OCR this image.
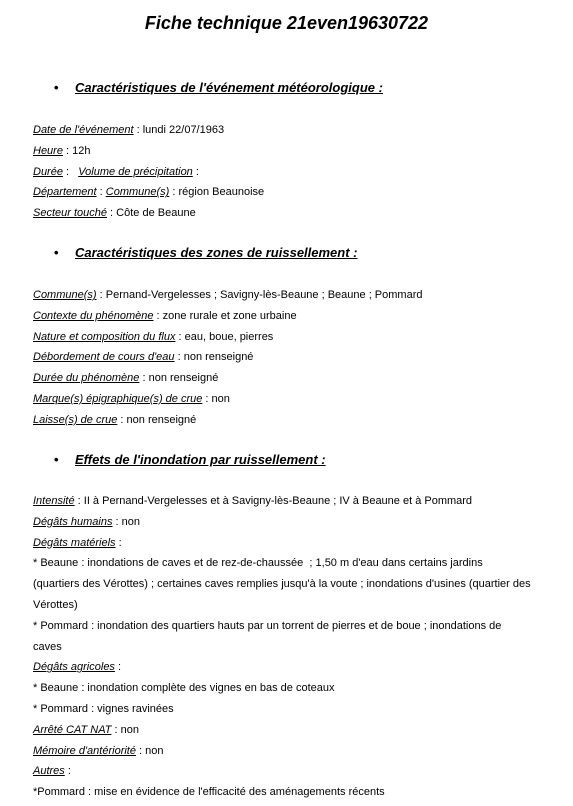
Fiche technique 21even19630722
• Caractéristiques de l'événement météorologique :

Date de l'événement : lundi 22/07/1963

Heure : 12h

Durée :   Volume de précipitation :

Département : Commune(s) : région Beaunoise

Secteur touché : Côte de Beaune

• Caractéristiques des zones de ruissellement :

Commune(s) : Pernand-Vergelesses ; Savigny-lès-Beaune ; Beaune ; Pommard

Contexte du phénomène : zone rurale et zone urbaine

Nature et composition du flux : eau, boue, pierres

Débordement de cours d'eau : non renseigné

Durée du phénomène : non renseigné

Marque(s) épigraphique(s) de crue : non

Laisse(s) de crue : non renseigné

• Effets de l'inondation par ruissellement :

Intensité : II à Pernand-Vergelesses et à Savigny-lès-Beaune ; IV à Beaune et à Pommard

Dégâts humains : non

Dégâts matériels :

* Beaune : inondations de caves et de rez-de-chaussée  ; 1,50 m d'eau dans certains jardins

(quartiers des Vérottes) ; certaines caves remplies jusqu'à la voute ; inondations d'usines (quartier des

Vérottes)

* Pommard : inondation des quartiers hauts par un torrent de pierres et de boue ; inondations de

caves

Dégâts agricoles :

* Beaune : inondation complète des vignes en bas de coteaux

* Pommard : vignes ravinées

Arrêté CAT NAT : non

Mémoire d'antériorité : non

Autres :

*Pommard : mise en évidence de l'efficacité des aménagements récents
